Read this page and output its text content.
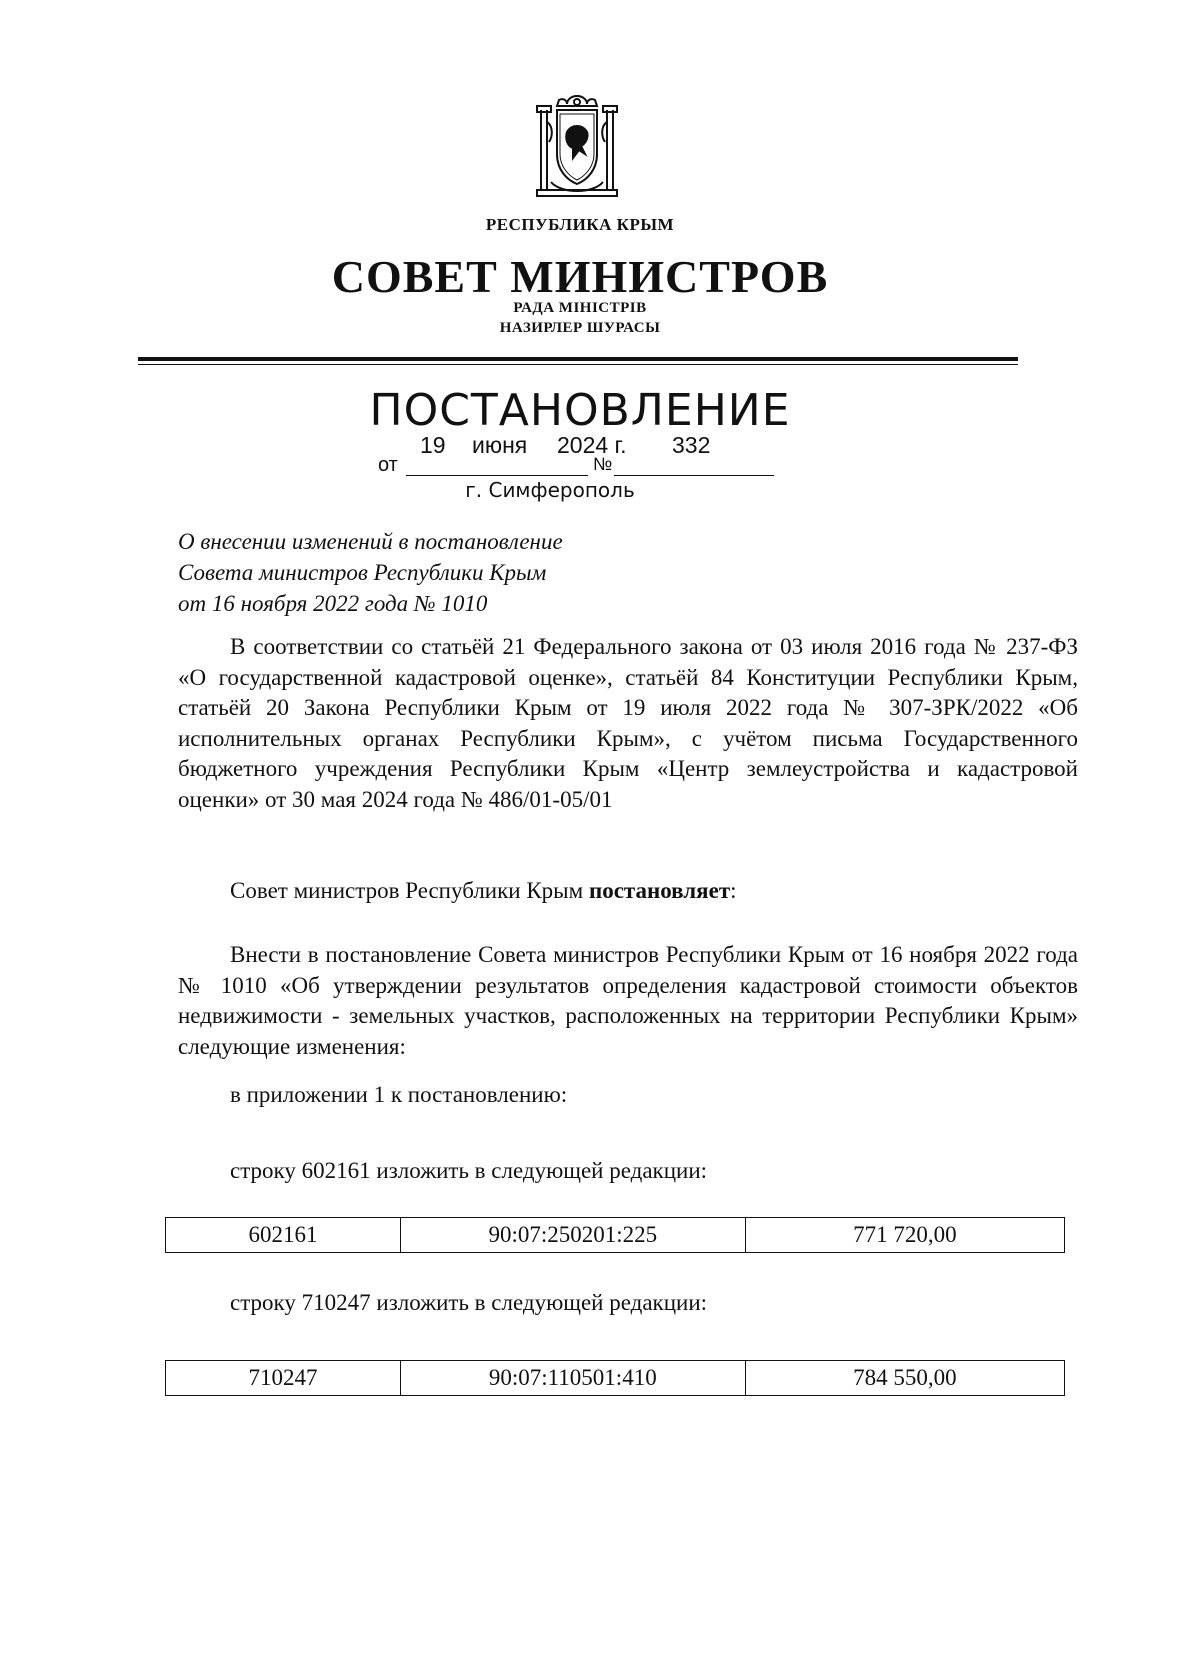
РЕСПУБЛИКА КРЫМ
СОВЕТ МИНИСТРОВ
РАДА МІНІСТРІВ
НАЗИРЛЕР ШУРАСЫ
ПОСТАНОВЛЕНИЕ
19 июня 2024 г. 332
от	№
г. Симферополь
О внесении изменений в постановление
Совета министров Республики Крым
от 16 ноября 2022 года № 1010
В соответствии со статьёй 21 Федерального закона от 03 июля 2016 года № 237-ФЗ «О государственной кадастровой оценке», статьёй 84 Конституции Республики Крым, статьёй 20 Закона Республики Крым от 19 июля 2022 года № 307-ЗРК/2022 «Об исполнительных органах Республики Крым», с учётом письма Государственного бюджетного учреждения Республики Крым «Центр землеустройства и кадастровой оценки» от 30 мая 2024 года № 486/01-05/01
Совет министров Республики Крым постановляет:
Внести в постановление Совета министров Республики Крым от 16 ноября 2022 года № 1010 «Об утверждении результатов определения кадастровой стоимости объектов недвижимости - земельных участков, расположенных на территории Республики Крым» следующие изменения:
в приложении 1 к постановлению:
строку 602161 изложить в следующей редакции:
602161	90:07:250201:225	771 720,00
строку 710247 изложить в следующей редакции:
710247	90:07:110501:410	784 550,00
